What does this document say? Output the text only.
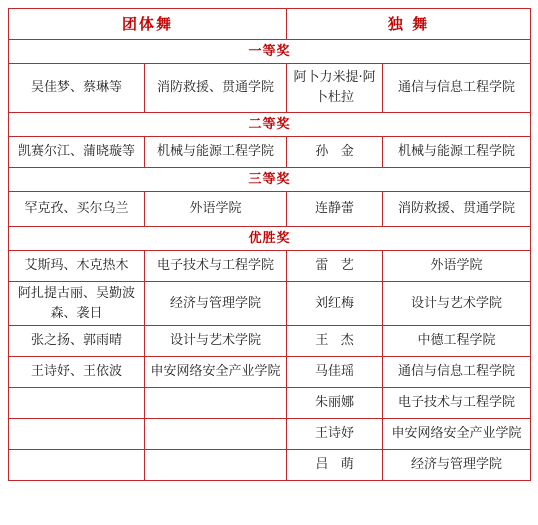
团体舞		独 舞	
一等奖			
吴佳梦、蔡琳等	消防救援、贯通学院	阿卜力米提·阿卜杜拉	通信与信息工程学院
二等奖			
凯赛尔江、蒲晓璇等	机械与能源工程学院	孙   金	机械与能源工程学院
三等奖			
罕克孜、买尔乌兰	外语学院	连静蕾	消防救援、贯通学院
优胜奖			
艾斯玛、木克热木	电子技术与工程学院	雷   艺	外语学院
阿扎提古丽、吴勤波森、袭日	经济与管理学院	刘红梅	设计与艺术学院
张之扬、郭雨晴	设计与艺术学院	王   杰	中德工程学院
王诗妤、王依波	申安网络安全产业学院	马佳瑶	通信与信息工程学院
		朱丽娜	电子技术与工程学院
		王诗妤	申安网络安全产业学院
		吕   萌	经济与管理学院
